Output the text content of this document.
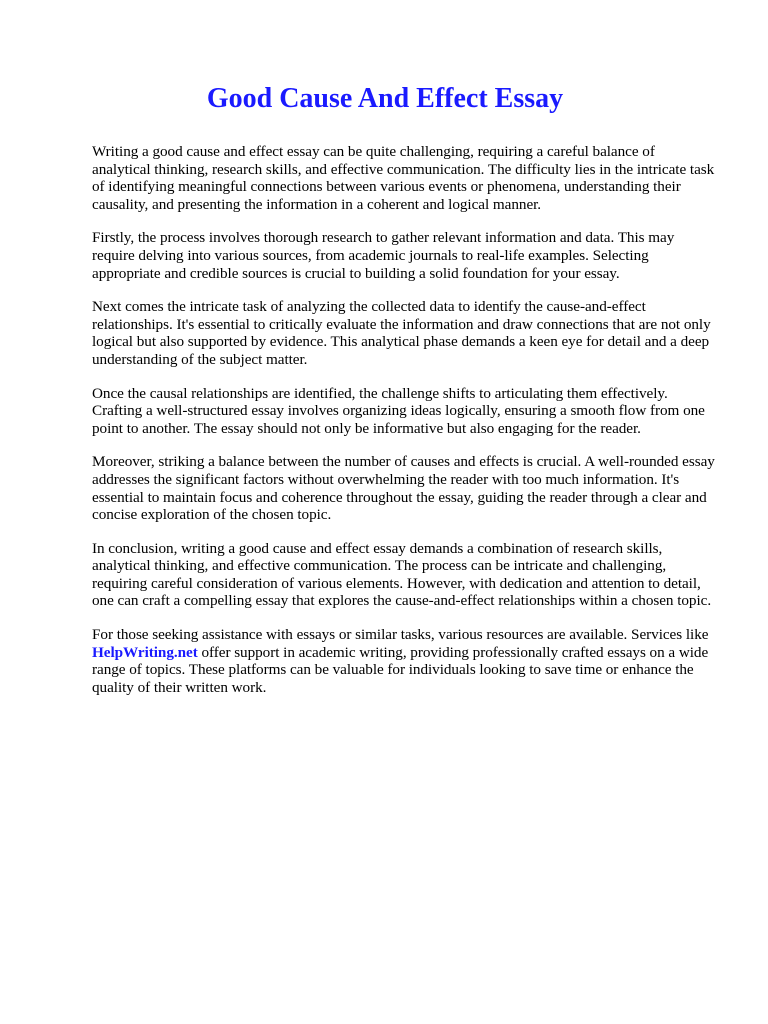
Good Cause And Effect Essay

Writing a good cause and effect essay can be quite challenging, requiring a careful balance of analytical thinking, research skills, and effective communication. The difficulty lies in the intricate task of identifying meaningful connections between various events or phenomena, understanding their causality, and presenting the information in a coherent and logical manner.

Firstly, the process involves thorough research to gather relevant information and data. This may require delving into various sources, from academic journals to real-life examples. Selecting appropriate and credible sources is crucial to building a solid foundation for your essay.

Next comes the intricate task of analyzing the collected data to identify the cause-and-effect relationships. It's essential to critically evaluate the information and draw connections that are not only logical but also supported by evidence. This analytical phase demands a keen eye for detail and a deep understanding of the subject matter.

Once the causal relationships are identified, the challenge shifts to articulating them effectively. Crafting a well-structured essay involves organizing ideas logically, ensuring a smooth flow from one point to another. The essay should not only be informative but also engaging for the reader.

Moreover, striking a balance between the number of causes and effects is crucial. A well-rounded essay addresses the significant factors without overwhelming the reader with too much information. It's essential to maintain focus and coherence throughout the essay, guiding the reader through a clear and concise exploration of the chosen topic.

In conclusion, writing a good cause and effect essay demands a combination of research skills, analytical thinking, and effective communication. The process can be intricate and challenging, requiring careful consideration of various elements. However, with dedication and attention to detail, one can craft a compelling essay that explores the cause-and-effect relationships within a chosen topic.

For those seeking assistance with essays or similar tasks, various resources are available. Services like HelpWriting.net offer support in academic writing, providing professionally crafted essays on a wide range of topics. These platforms can be valuable for individuals looking to save time or enhance the quality of their written work.
